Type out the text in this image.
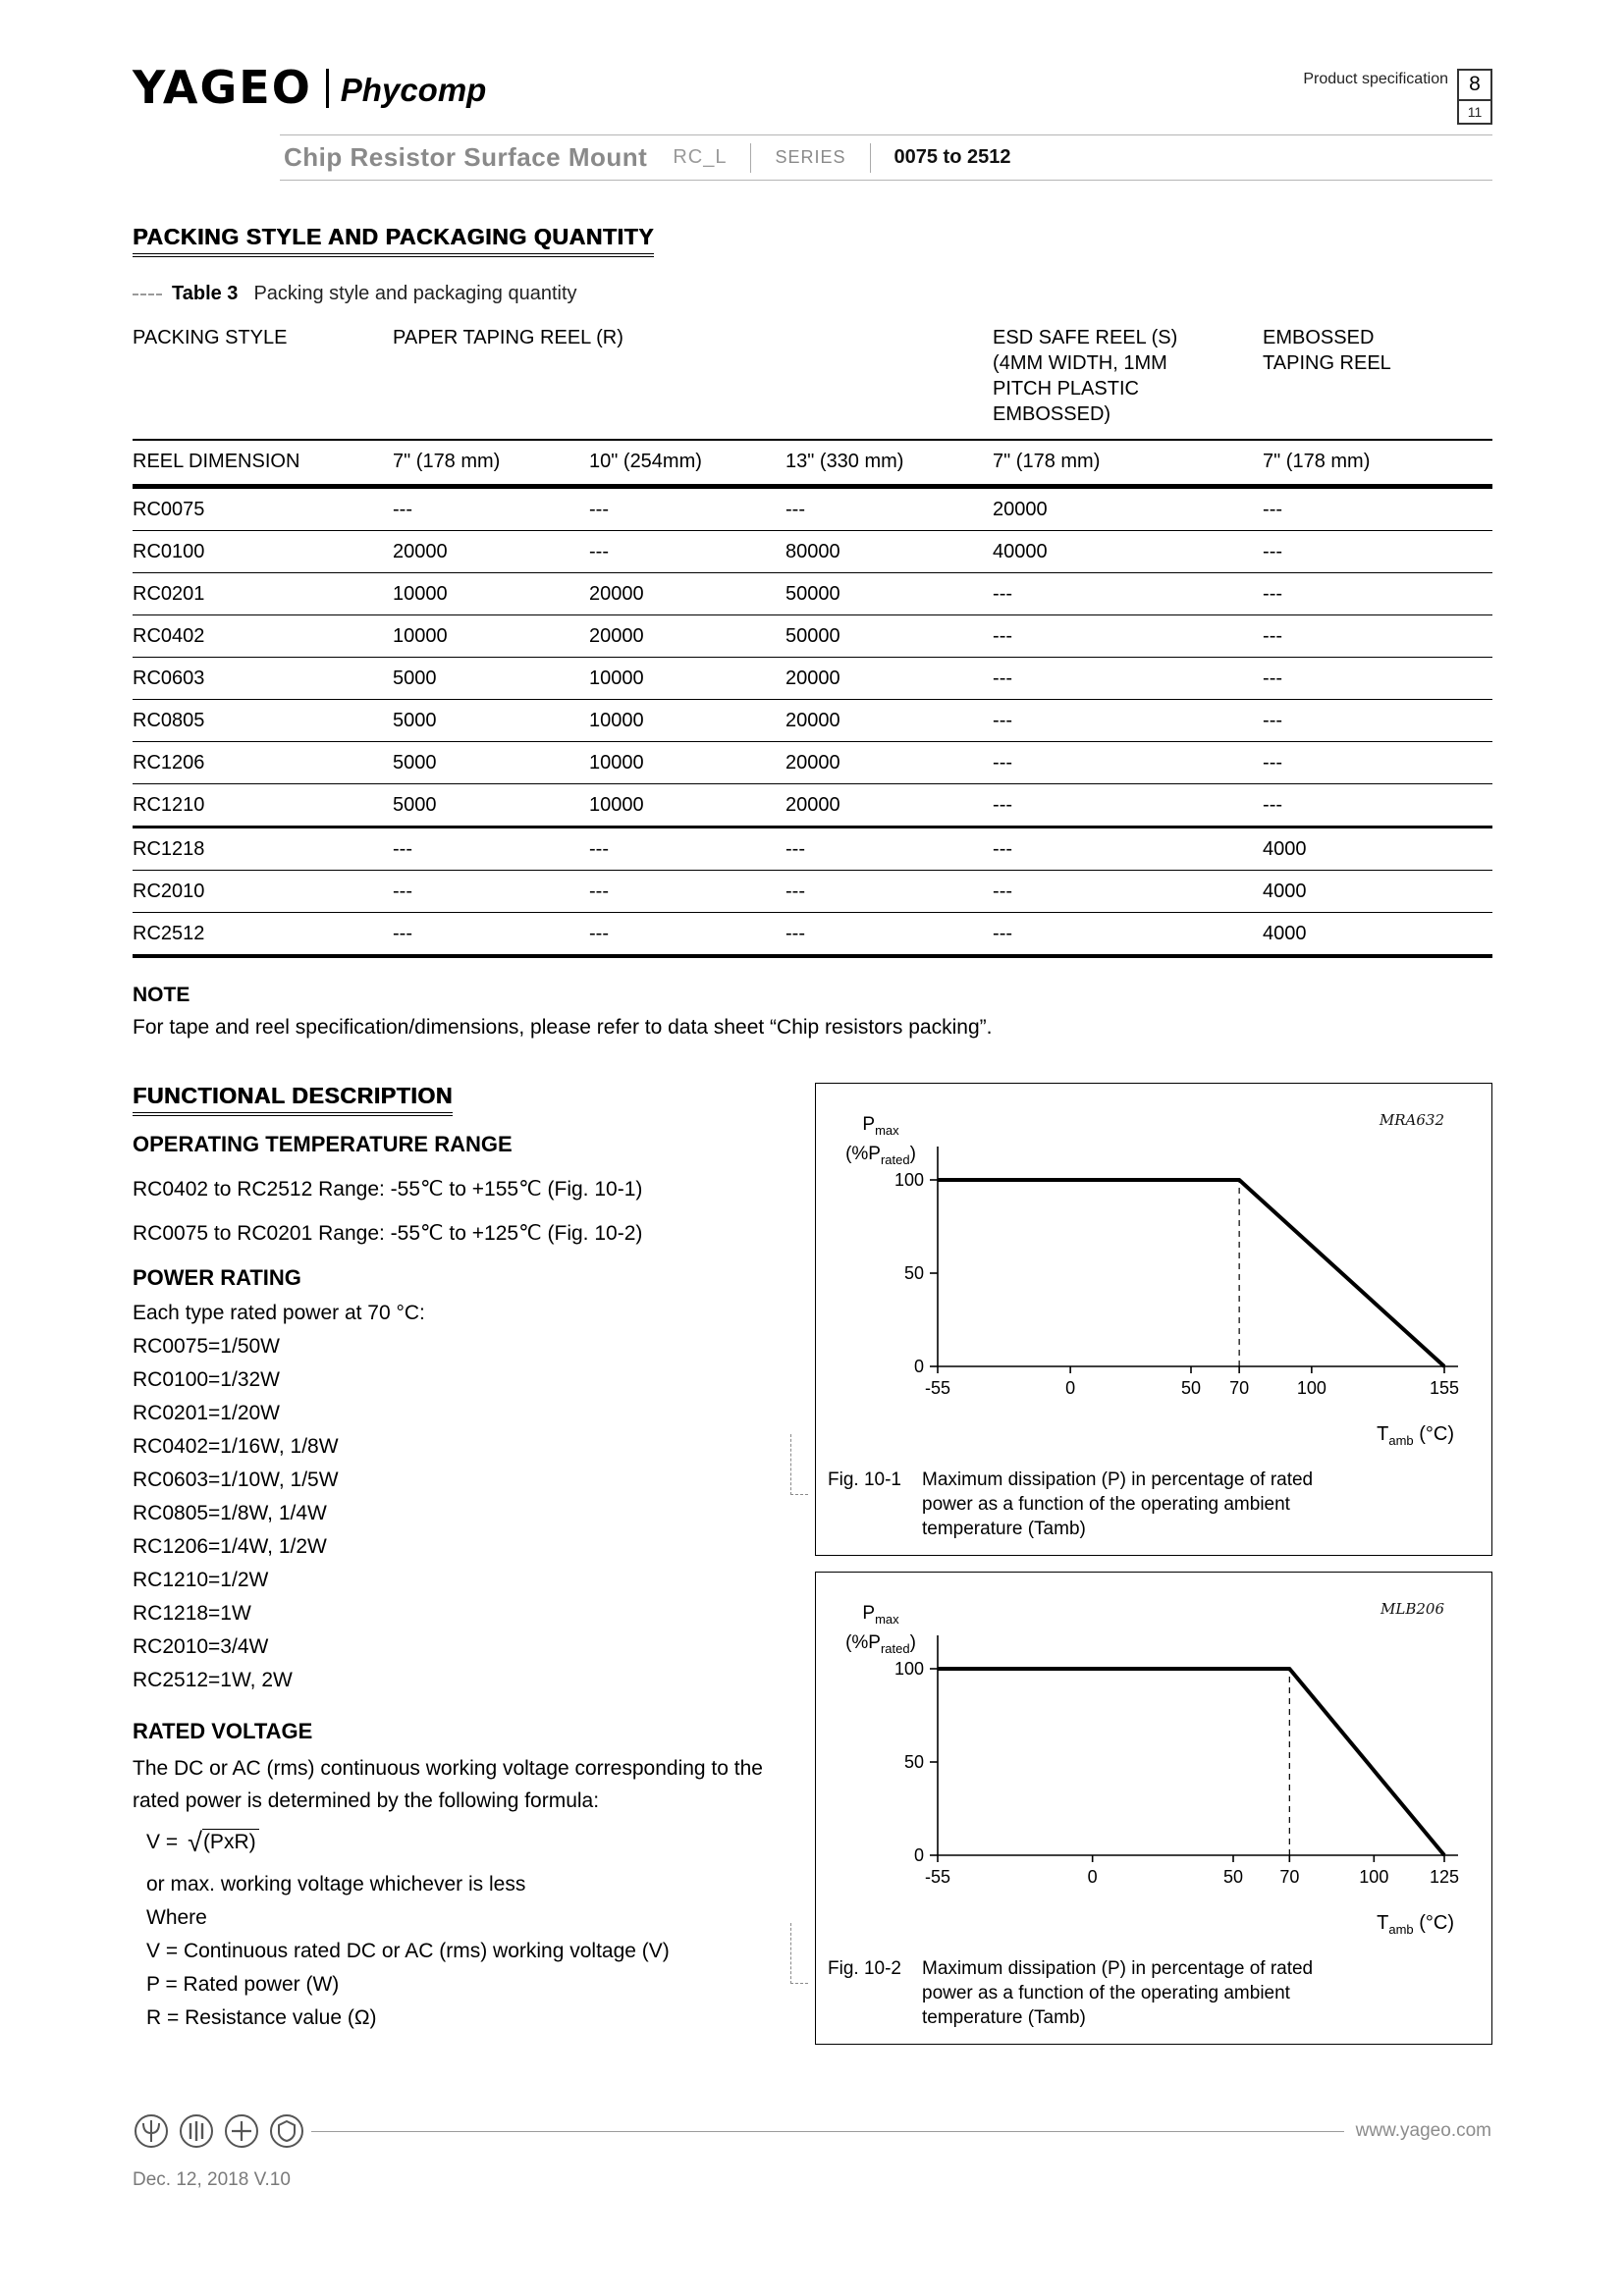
YAGEO Phycomp	Product specification	8
11
Chip Resistor Surface Mount RC_L	SERIES 0075 to 2512
PACKING STYLE AND PACKAGING QUANTITY
Table 3 Packing style and packaging quantity
PACKING STYLE	PAPER TAPING REEL (R)			ESD SAFE REEL (S) (4MM WIDTH, 1MM PITCH PLASTIC EMBOSSED)	EMBOSSED TAPING REEL
REEL DIMENSION	7" (178 mm)	10" (254mm)	13" (330 mm)	7" (178 mm)	7" (178 mm)
RC0075	---	---	---	20000	---
RC0100	20000	---	80000	40000	---
RC0201	10000	20000	50000	---	---
RC0402	10000	20000	50000	---	---
RC0603	5000	10000	20000	---	---
RC0805	5000	10000	20000	---	---
RC1206	5000	10000	20000	---	---
RC1210	5000	10000	20000	---	---
RC1218	---	---	---	---	4000
RC2010	---	---	---	---	4000
RC2512	---	---	---	---	4000
NOTE
For tape and reel specification/dimensions, please refer to data sheet “Chip resistors packing”.
FUNCTIONAL DESCRIPTION
OPERATING TEMPERATURE RANGE
RC0402 to RC2512 Range: -55℃ to +155℃ (Fig. 10-1)
RC0075 to RC0201 Range: -55℃ to +125℃ (Fig. 10-2)
POWER RATING
Each type rated power at 70 °C:
RC0075=1/50W
RC0100=1/32W
RC0201=1/20W
RC0402=1/16W, 1/8W
RC0603=1/10W, 1/5W
RC0805=1/8W, 1/4W
RC1206=1/4W, 1/2W
RC1210=1/2W
RC1218=1W
RC2010=3/4W
RC2512=1W, 2W
RATED VOLTAGE
The DC or AC (rms) continuous working voltage corresponding to the rated power is determined by the following formula:
V = √ (PxR)
or max. working voltage whichever is less
Where
V = Continuous rated DC or AC (rms) working voltage (V)
P = Rated power (W)
R = Resistance value (Ω)
$P_{max}$
$(\%P_{rated})$
-55	0	50 70	100	155
0
50
100
MRA632
$T_{amb}$ (°C)
Fig. 10-1	Maximum dissipation (P) in percentage of rated power as a function of the operating ambient temperature (Tamb)
$P_{max}$
$(\%P_{rated})$
-55	0	50 70	100 125
0
50
100
MLB206
$T_{amb}$ (°C)
Fig. 10-2	Maximum dissipation (P) in percentage of rated power as a function of the operating ambient temperature (Tamb)
www.yageo.com
Dec. 12, 2018 V.10
